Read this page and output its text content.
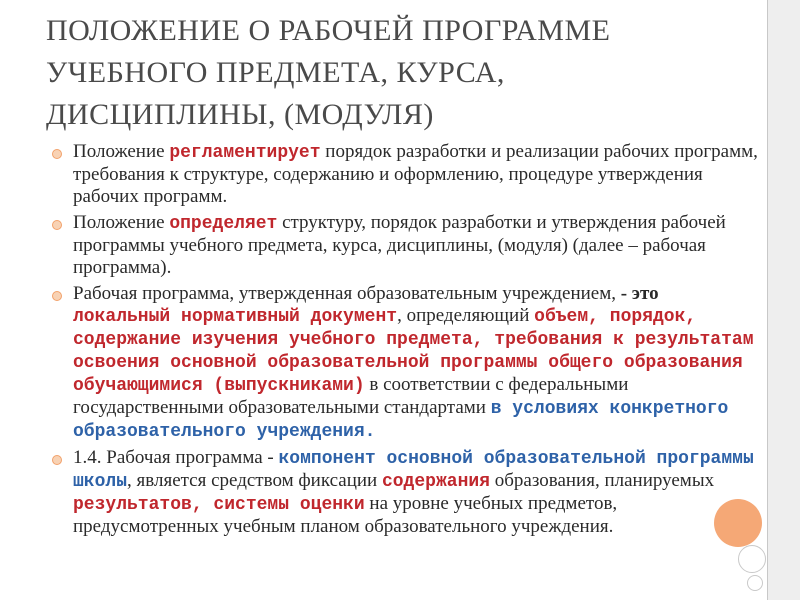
ПОЛОЖЕНИЕ О РАБОЧЕЙ ПРОГРАММЕ
УЧЕБНОГО ПРЕДМЕТА, КУРСА,
ДИСЦИПЛИНЫ, (МОДУЛЯ)
Положение регламентирует порядок разработки и реализации рабочих программ, требования к структуре, содержанию и оформлению, процедуре утверждения рабочих программ.
Положение определяет структуру, порядок разработки и утверждения рабочей программы учебного предмета, курса, дисциплины, (модуля) (далее – рабочая программа).
Рабочая программа, утвержденная образовательным учреждением, - это локальный нормативный документ, определяющий объем, порядок, содержание изучения учебного предмета, требования к результатам освоения основной образовательной программы общего образования обучающимися (выпускниками) в соответствии с федеральными государственными образовательными стандартами в условиях конкретного образовательного учреждения.
1.4. Рабочая программа - компонент основной образовательной программы школы, является средством фиксации содержания образования, планируемых результатов, системы оценки на уровне учебных предметов, предусмотренных учебным планом образовательного учреждения.
